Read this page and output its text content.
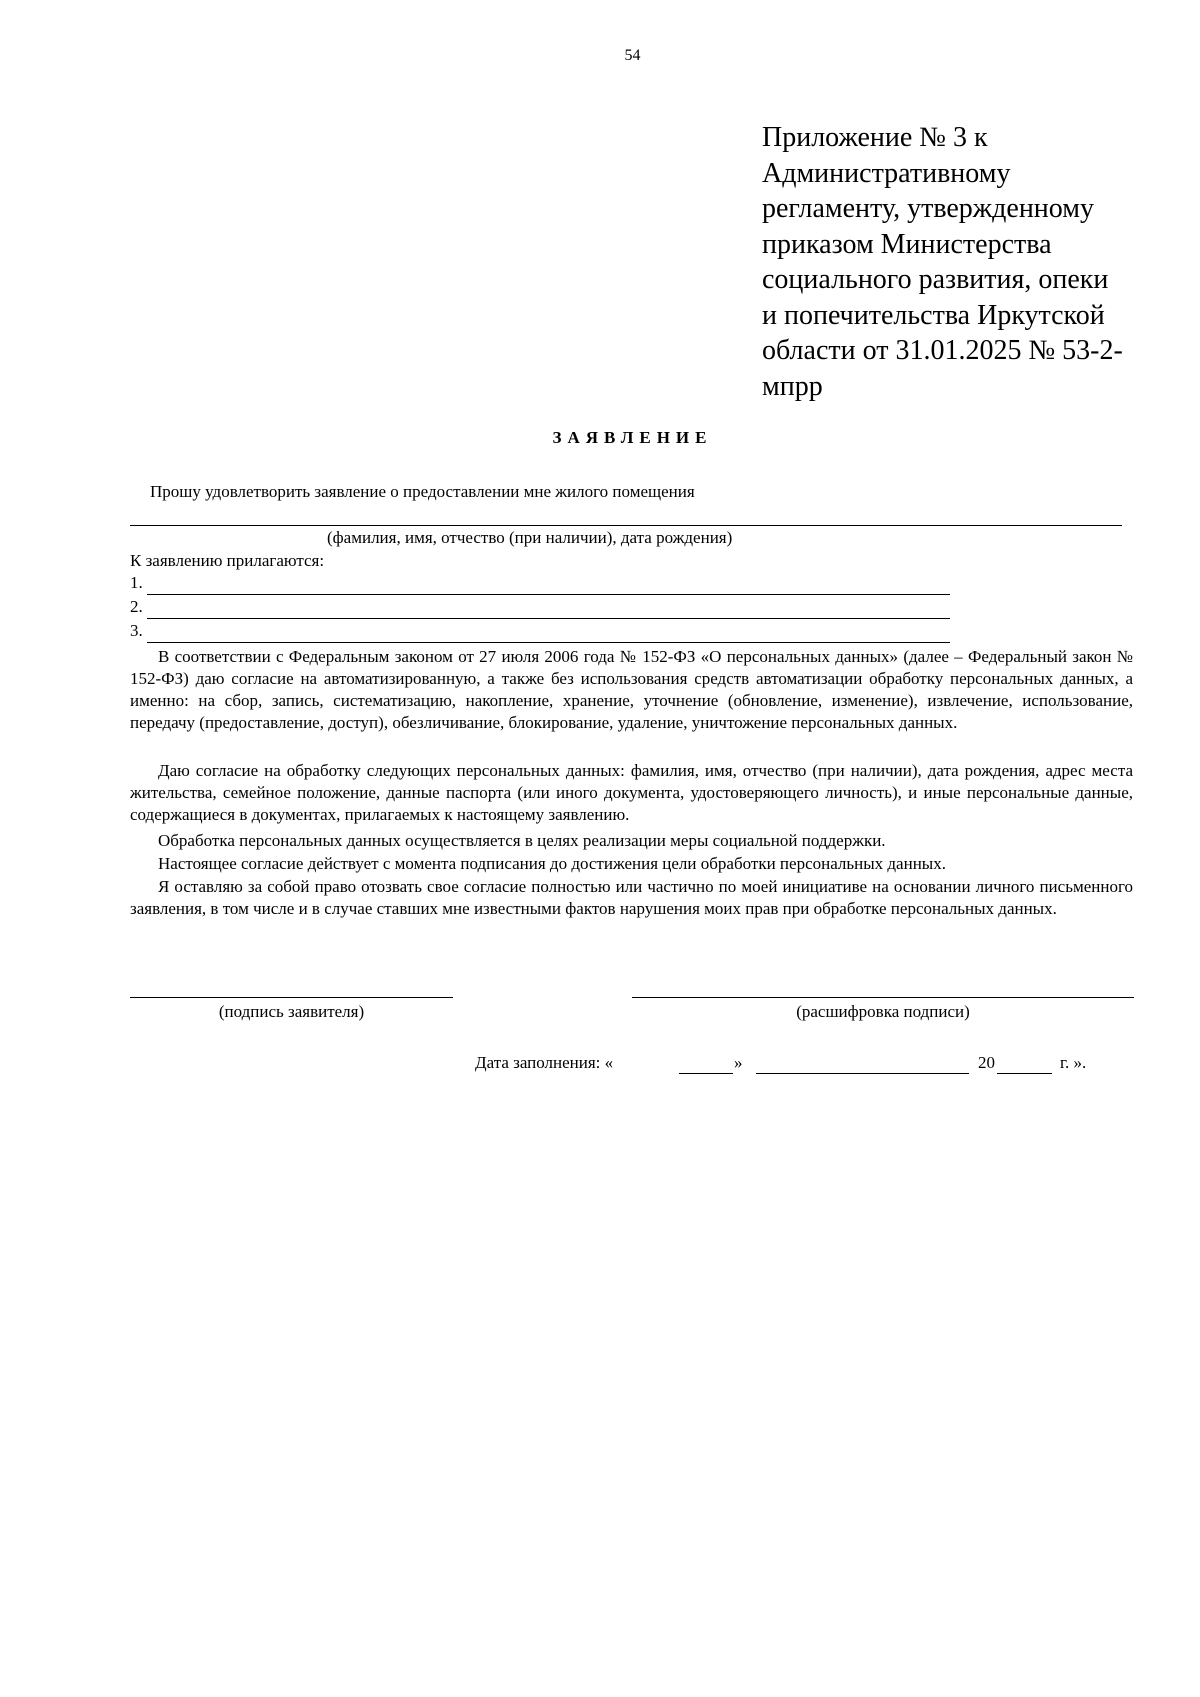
54
Приложение № 3 к
Административному
регламенту, утвержденному
приказом Министерства
социального развития, опеки
и попечительства Иркутской
области от 31.01.2025 № 53-2-
мпрр
ЗАЯВЛЕНИЕ
Прошу удовлетворить заявление о предоставлении мне жилого помещения
(фамилия, имя, отчество (при наличии), дата рождения)
К заявлению прилагаются:
1.
2.
3.
В соответствии с Федеральным законом от 27 июля 2006 года № 152-ФЗ «О персональных данных» (далее – Федеральный закон № 152-ФЗ) даю согласие на автоматизированную, а также без использования средств автоматизации обработку персональных данных, а именно: на сбор, запись, систематизацию, накопление, хранение, уточнение (обновление, изменение), извлечение, использование, передачу (предоставление, доступ), обезличивание, блокирование, удаление, уничтожение персональных данных.
Даю согласие на обработку следующих персональных данных: фамилия, имя, отчество (при наличии), дата рождения, адрес места жительства, семейное положение, данные паспорта (или иного документа, удостоверяющего личность), и иные персональные данные, содержащиеся в документах, прилагаемых к настоящему заявлению.
Обработка персональных данных осуществляется в целях реализации меры социальной поддержки.
Настоящее согласие действует с момента подписания до достижения цели обработки персональных данных.
Я оставляю за собой право отозвать свое согласие полностью или частично по моей инициативе на основании личного письменного заявления, в том числе и в случае ставших мне известными фактов нарушения моих прав при обработке персональных данных.
(подпись заявителя)	(расшифровка подписи)
Дата заполнения: «	»	20	г. ».
